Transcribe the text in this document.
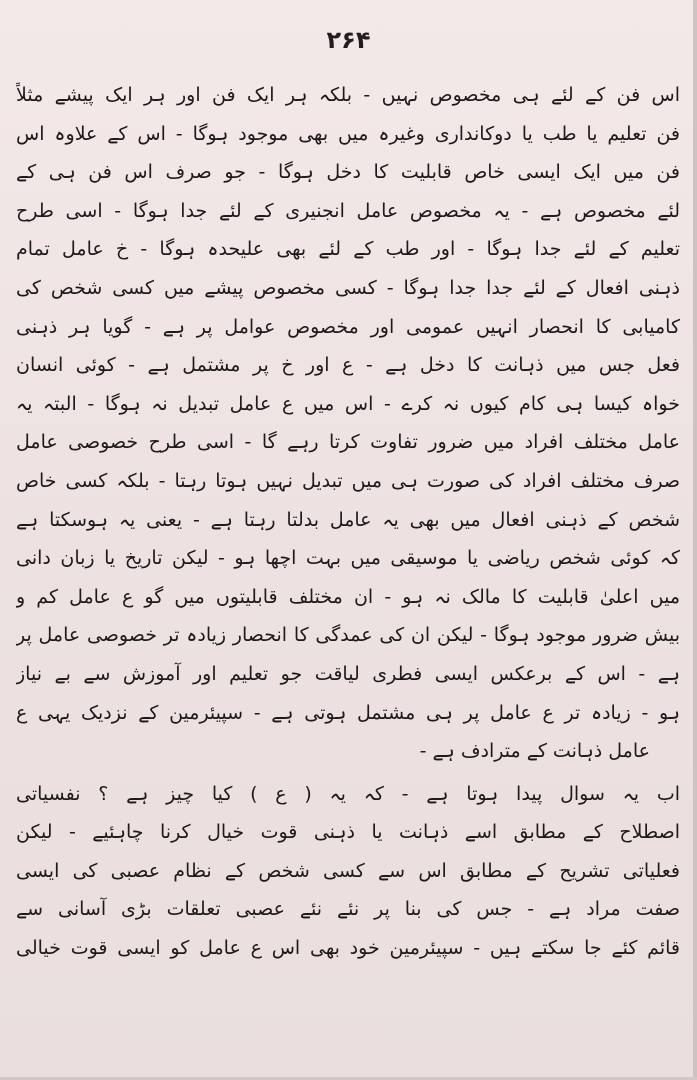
۲۶۴
اس فن کے لئے ہی مخصوص نہیں - بلکہ ہر ایک فن اور ہر ایک پیشے مثلاً
فن تعلیم یا طب یا دوکانداری وغیرہ میں بھی موجود ہوگا - اس کے علاوہ اس
فن میں ایک ایسی خاص قابلیت کا دخل ہوگا - جو صرف اس فن ہی کے
لئے مخصوص ہے - یہ مخصوص عامل انجنیری کے لئے جدا ہوگا - اسی طرح
تعلیم کے لئے جدا ہوگا - اور طب کے لئے بھی علیحدہ ہوگا - خ عامل تمام
ذہنی افعال کے لئے جدا جدا ہوگا - کسی مخصوص پیشے میں کسی شخص کی
کامیابی کا انحصار انہیں عمومی اور مخصوص عوامل پر ہے - گویا ہر ذہنی
فعل جس میں ذہانت کا دخل ہے - ع اور خ پر مشتمل ہے - کوئی انسان
خواہ کیسا ہی کام کیوں نہ کرے - اس میں ع عامل تبدیل نہ ہوگا - البتہ یہ
عامل مختلف افراد میں ضرور تفاوت کرتا رہے گا - اسی طرح خصوصی عامل
صرف مختلف افراد کی صورت ہی میں تبدیل نہیں ہوتا رہتا - بلکہ کسی خاص
شخص کے ذہنی افعال میں بھی یہ عامل بدلتا رہتا ہے - یعنی یہ ہوسکتا ہے
کہ کوئی شخص ریاضی یا موسیقی میں بہت اچھا ہو - لیکن تاریخ یا زبان دانی
میں اعلیٰ قابلیت کا مالک نہ ہو - ان مختلف قابلیتوں میں گو ع عامل کم و
بیش ضرور موجود ہوگا - لیکن ان کی عمدگی کا انحصار زیادہ تر خصوصی عامل پر
ہے - اس کے برعکس ایسی فطری لیاقت جو تعلیم اور آموزش سے بے نیاز
ہو - زیادہ تر ع عامل پر ہی مشتمل ہوتی ہے - سپیئرمین کے نزدیک یہی ع
عامل ذہانت کے مترادف ہے -
اب یہ سوال پیدا ہوتا ہے - کہ یہ ( ع ) کیا چیز ہے ؟ نفسیاتی
اصطلاح کے مطابق اسے ذہانت یا ذہنی قوت خیال کرنا چاہئیے - لیکن
فعلیاتی تشریح کے مطابق اس سے کسی شخص کے نظام عصبی کی ایسی
صفت مراد ہے - جس کی بنا پر نئے نئے عصبی تعلقات بڑی آسانی سے
قائم کئے جا سکتے ہیں - سپیئرمین خود بھی اس ع عامل کو ایسی قوت خیالی
